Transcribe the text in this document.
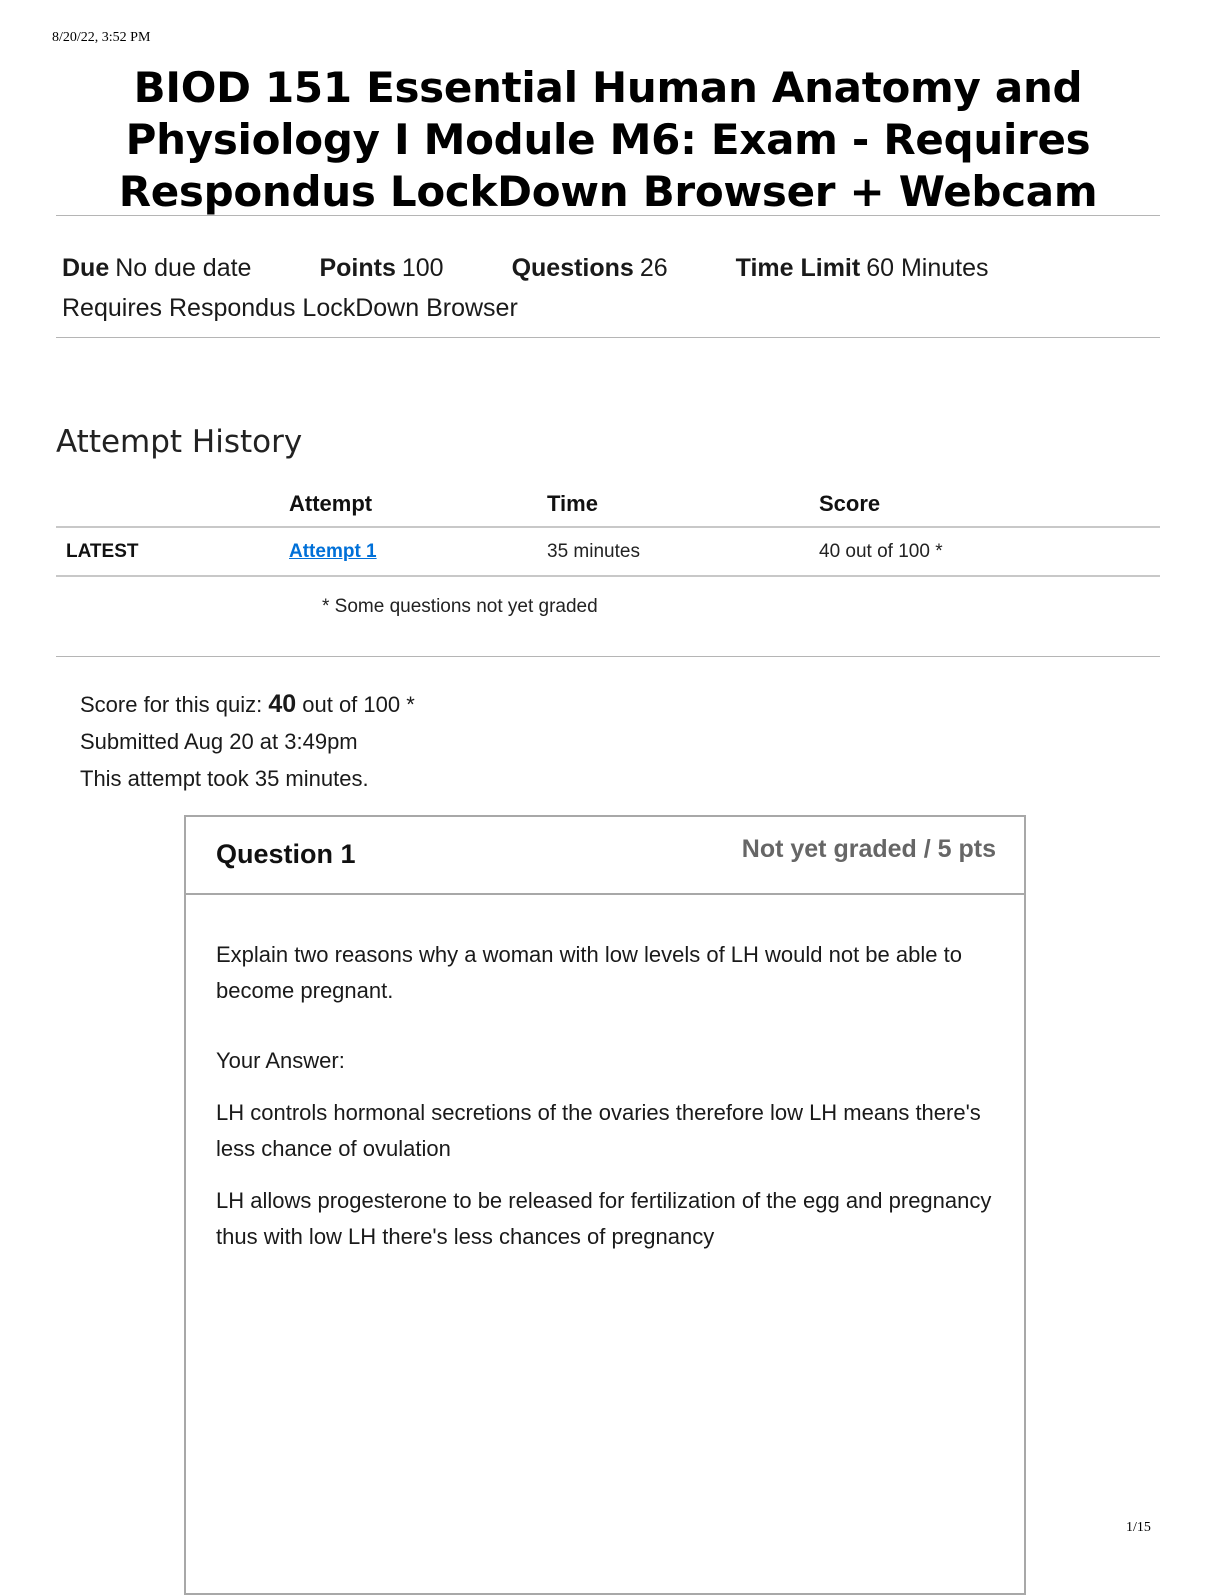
8/20/22, 3:52 PM
BIOD 151 Essential Human Anatomy and Physiology I Module M6: Exam - Requires Respondus LockDown Browser + Webcam
Due No due date	Points 100	Questions 26	Time Limit 60 Minutes
Requires Respondus LockDown Browser
Attempt History
	Attempt	Time	Score
LATEST	Attempt 1	35 minutes	40 out of 100 *
* Some questions not yet graded
Score for this quiz: 40 out of 100 *
Submitted Aug 20 at 3:49pm
This attempt took 35 minutes.
Question 1	Not yet graded / 5 pts

Explain two reasons why a woman with low levels of LH would not be able to become pregnant.

Your Answer:

LH controls hormonal secretions of the ovaries therefore low LH means there's less chance of ovulation

LH allows progesterone to be released for fertilization of the egg and pregnancy thus with low LH there's less chances of pregnancy

1/15
